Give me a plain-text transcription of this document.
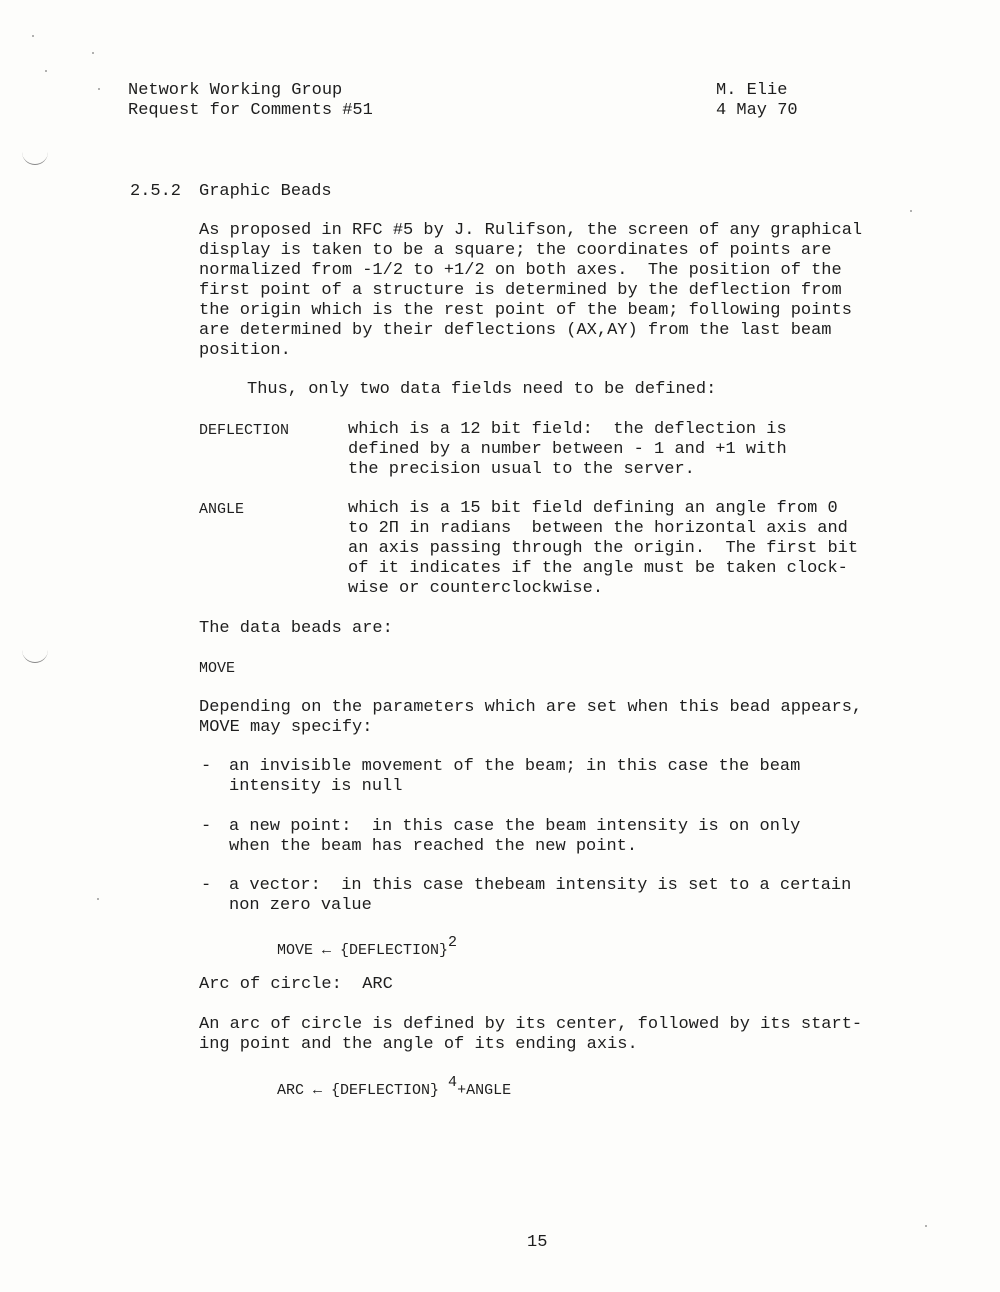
Network Working Group
Request for Comments #51
M. Elie
4 May 70
2.5.2 Graphic Beads
As proposed in RFC #5 by J. Rulifson, the screen of any graphical
display is taken to be a square; the coordinates of points are
normalized from -1/2 to +1/2 on both axes.  The position of the
first point of a structure is determined by the deflection from
the origin which is the rest point of the beam; following points
are determined by their deflections (AX,AY) from the last beam
position.
Thus, only two data fields need to be defined:
DEFLECTION	which is a 12 bit field:  the deflection is
defined by a number between - 1 and +1 with
the precision usual to the server.
ANGLE	which is a 15 bit field defining an angle from 0
to 2Π in radians  between the horizontal axis and
an axis passing through the origin.  The first bit
of it indicates if the angle must be taken clock-
wise or counterclockwise.
The data beads are:
MOVE
Depending on the parameters which are set when this bead appears,
MOVE may specify:
- an invisible movement of the beam; in this case the beam
intensity is null
- a new point:  in this case the beam intensity is on only
when the beam has reached the new point.
- a vector:  in this case thebeam intensity is set to a certain
non zero value
MOVE ← {DEFLECTION}$^2$
Arc of circle:  ARC
An arc of circle is defined by its center, followed by its start-
ing point and the angle of its ending axis.
ARC ← {DEFLECTION} $^4$+ANGLE
15
